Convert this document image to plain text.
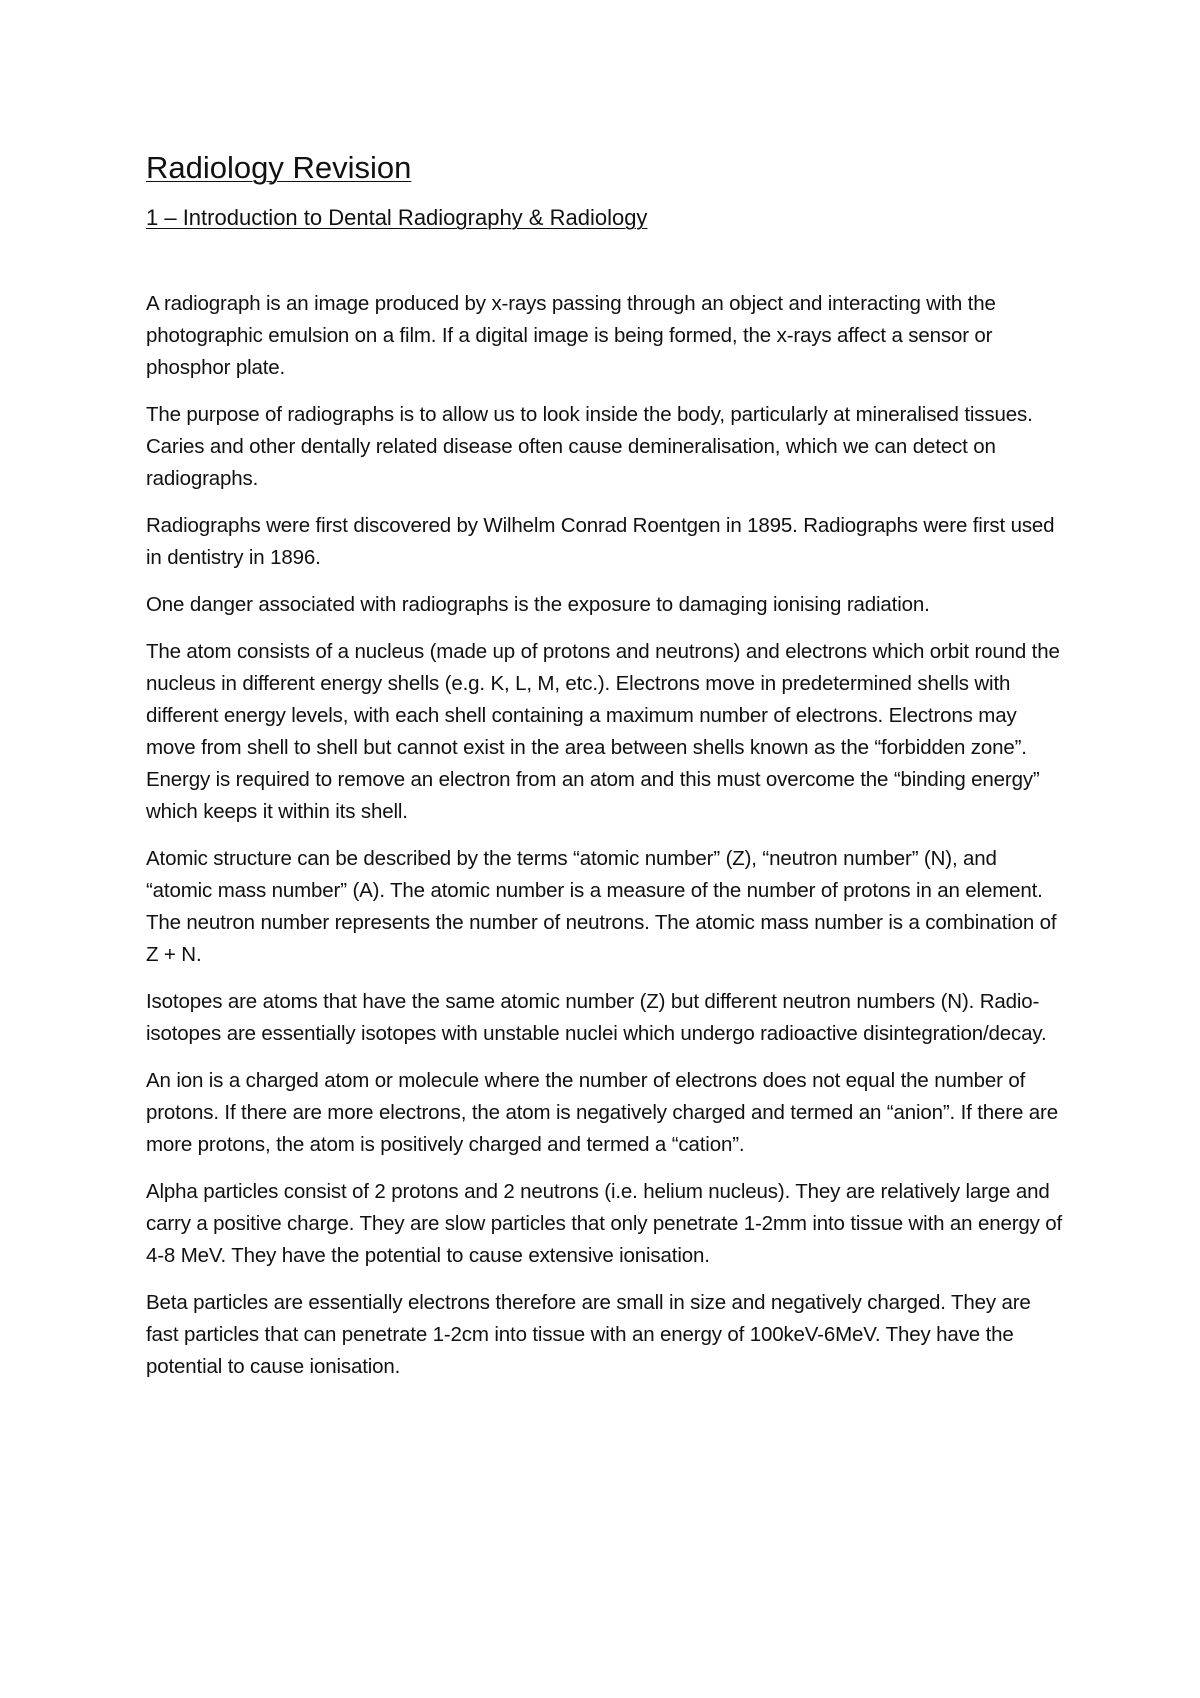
Radiology Revision
1 – Introduction to Dental Radiography & Radiology

A radiograph is an image produced by x-rays passing through an object and interacting with the photographic emulsion on a film. If a digital image is being formed, the x-rays affect a sensor or phosphor plate.

The purpose of radiographs is to allow us to look inside the body, particularly at mineralised tissues. Caries and other dentally related disease often cause demineralisation, which we can detect on radiographs.

Radiographs were first discovered by Wilhelm Conrad Roentgen in 1895. Radiographs were first used in dentistry in 1896.

One danger associated with radiographs is the exposure to damaging ionising radiation.

The atom consists of a nucleus (made up of protons and neutrons) and electrons which orbit round the nucleus in different energy shells (e.g. K, L, M, etc.). Electrons move in predetermined shells with different energy levels, with each shell containing a maximum number of electrons. Electrons may move from shell to shell but cannot exist in the area between shells known as the “forbidden zone”. Energy is required to remove an electron from an atom and this must overcome the “binding energy” which keeps it within its shell.

Atomic structure can be described by the terms “atomic number” (Z), “neutron number” (N), and “atomic mass number” (A). The atomic number is a measure of the number of protons in an element. The neutron number represents the number of neutrons. The atomic mass number is a combination of Z + N.

Isotopes are atoms that have the same atomic number (Z) but different neutron numbers (N). Radio-isotopes are essentially isotopes with unstable nuclei which undergo radioactive disintegration/decay.

An ion is a charged atom or molecule where the number of electrons does not equal the number of protons. If there are more electrons, the atom is negatively charged and termed an “anion”. If there are more protons, the atom is positively charged and termed a “cation”.

Alpha particles consist of 2 protons and 2 neutrons (i.e. helium nucleus). They are relatively large and carry a positive charge. They are slow particles that only penetrate 1-2mm into tissue with an energy of 4-8 MeV. They have the potential to cause extensive ionisation.

Beta particles are essentially electrons therefore are small in size and negatively charged. They are fast particles that can penetrate 1-2cm into tissue with an energy of 100keV-6MeV. They have the potential to cause ionisation.
